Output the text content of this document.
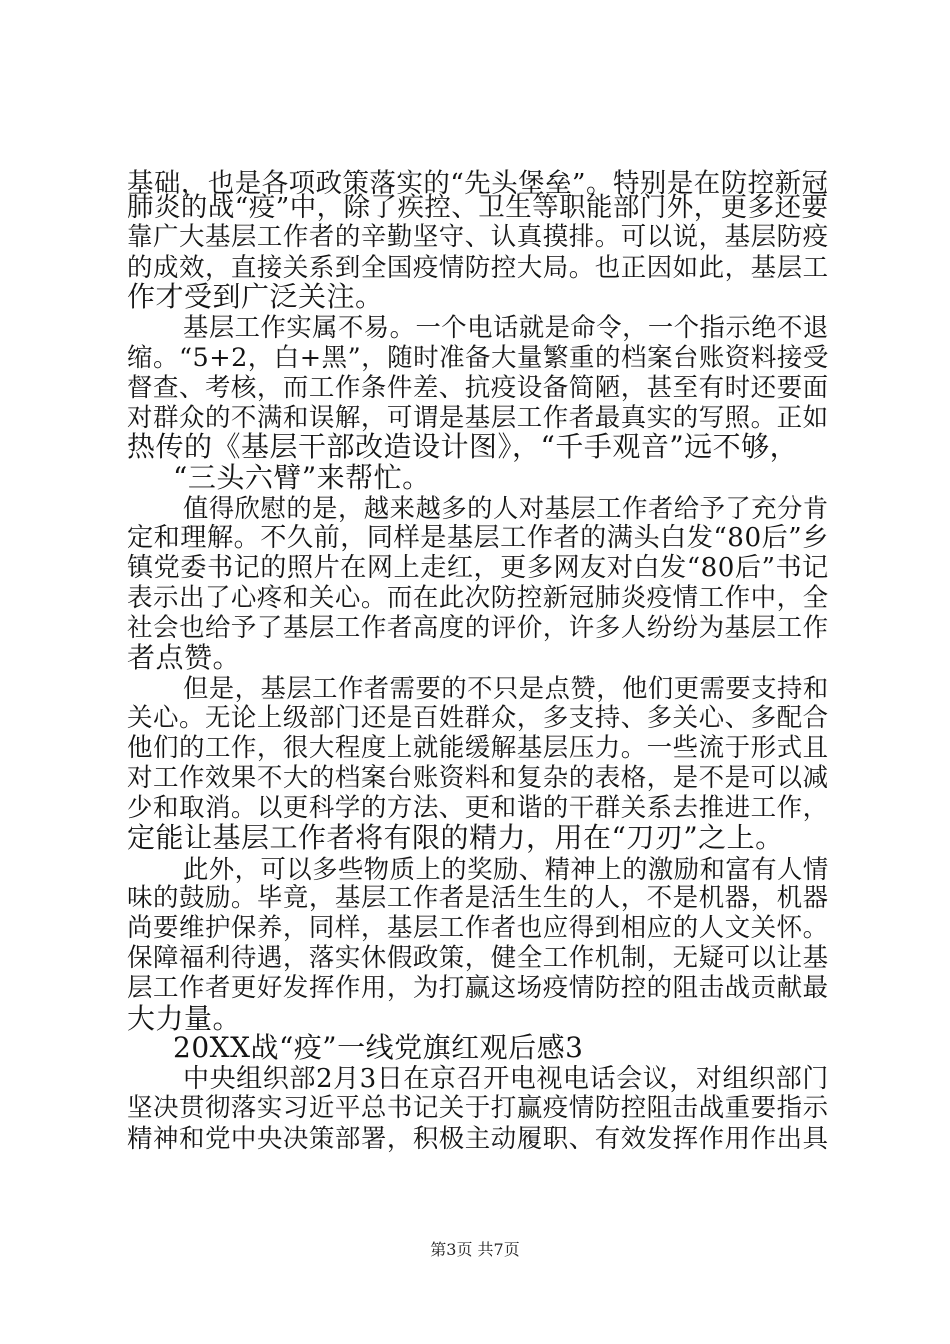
基础，也是各项政策落实的“先头堡垒”。特别是在防控新冠
肺炎的战“疫”中，除了疾控、卫生等职能部门外，更多还要
靠广大基层工作者的辛勤坚守、认真摸排。可以说，基层防疫
的成效，直接关系到全国疫情防控大局。也正因如此，基层工
作才受到广泛关注。
基层工作实属不易。一个电话就是命令，一个指示绝不退
缩。“5+2，白+黑”，随时准备大量繁重的档案台账资料接受
督查、考核，而工作条件差、抗疫设备简陋，甚至有时还要面
对群众的不满和误解，可谓是基层工作者最真实的写照。正如
热传的《基层干部改造设计图》，“千手观音”远不够，
“三头六臂”来帮忙。
值得欣慰的是，越来越多的人对基层工作者给予了充分肯
定和理解。不久前，同样是基层工作者的满头白发“80后”乡
镇党委书记的照片在网上走红，更多网友对白发“80后”书记
表示出了心疼和关心。而在此次防控新冠肺炎疫情工作中，全
社会也给予了基层工作者高度的评价，许多人纷纷为基层工作
者点赞。
但是，基层工作者需要的不只是点赞，他们更需要支持和
关心。无论上级部门还是百姓群众，多支持、多关心、多配合
他们的工作，很大程度上就能缓解基层压力。一些流于形式且
对工作效果不大的档案台账资料和复杂的表格，是不是可以减
少和取消。以更科学的方法、更和谐的干群关系去推进工作，
定能让基层工作者将有限的精力，用在“刀刃”之上。
此外，可以多些物质上的奖励、精神上的激励和富有人情
味的鼓励。毕竟，基层工作者是活生生的人，不是机器，机器
尚要维护保养，同样，基层工作者也应得到相应的人文关怀。
保障福利待遇，落实休假政策，健全工作机制，无疑可以让基
层工作者更好发挥作用，为打赢这场疫情防控的阻击战贡献最
大力量。
20XX战“疫”一线党旗红观后感3
中央组织部2月3日在京召开电视电话会议，对组织部门
坚决贯彻落实习近平总书记关于打赢疫情防控阻击战重要指示
精神和党中央决策部署，积极主动履职、有效发挥作用作出具
第3页 共7页
